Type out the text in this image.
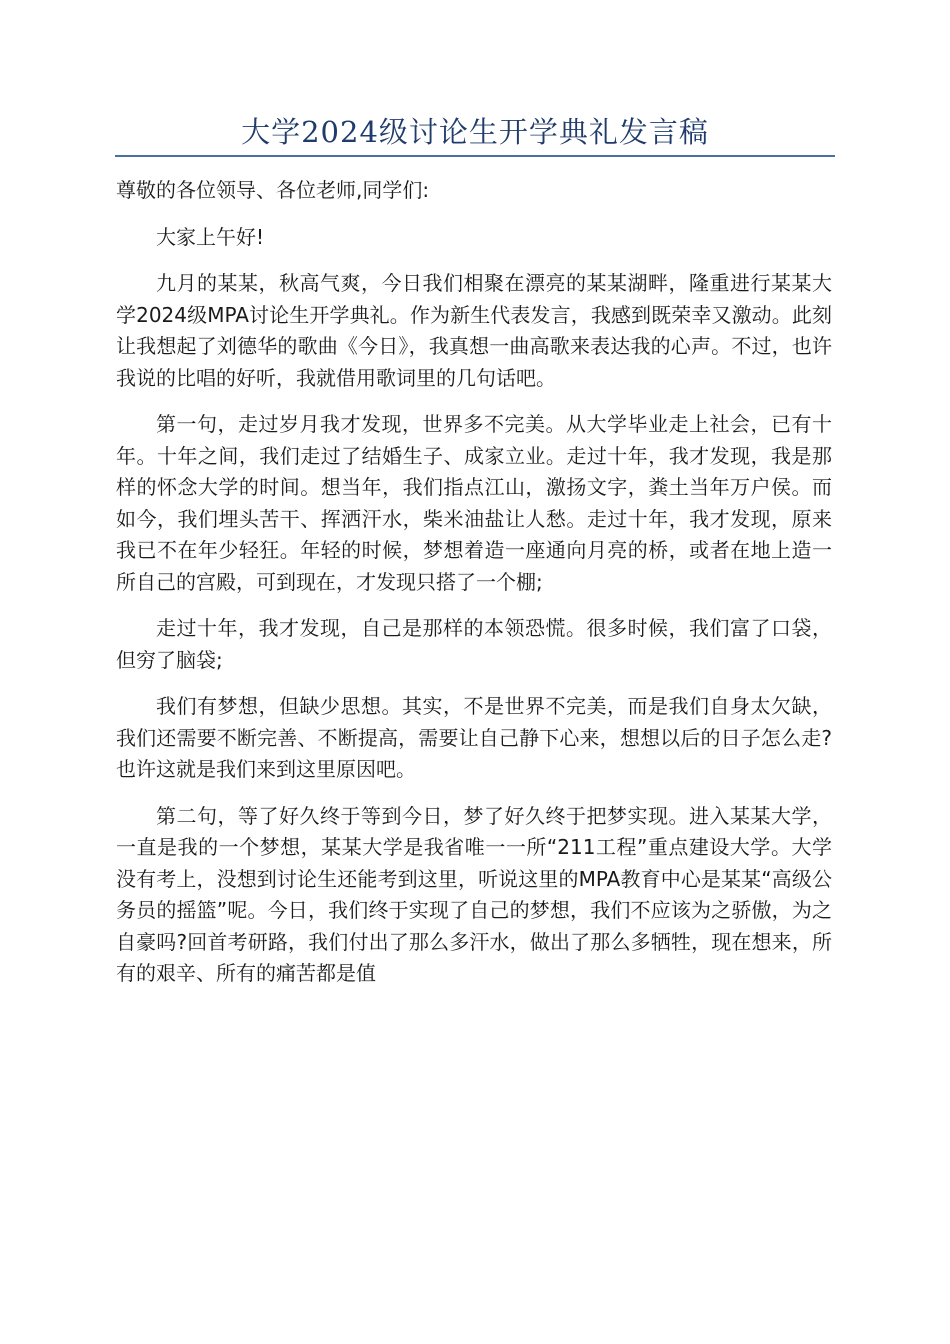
大学2024级讨论生开学典礼发言稿

尊敬的各位领导、各位老师,同学们:

大家上午好!

九月的某某，秋高气爽，今日我们相聚在漂亮的某某湖畔，隆重进行某某大学2024级MPA讨论生开学典礼。作为新生代表发言，我感到既荣幸又激动。此刻让我想起了刘德华的歌曲《今日》，我真想一曲高歌来表达我的心声。不过，也许我说的比唱的好听，我就借用歌词里的几句话吧。

第一句，走过岁月我才发现，世界多不完美。从大学毕业走上社会，已有十年。十年之间，我们走过了结婚生子、成家立业。走过十年，我才发现，我是那样的怀念大学的时间。想当年，我们指点江山，激扬文字，粪土当年万户侯。而如今，我们埋头苦干、挥洒汗水，柴米油盐让人愁。走过十年，我才发现，原来我已不在年少轻狂。年轻的时候，梦想着造一座通向月亮的桥，或者在地上造一所自己的宫殿，可到现在，才发现只搭了一个棚;

走过十年，我才发现，自己是那样的本领恐慌。很多时候，我们富了口袋，但穷了脑袋;

我们有梦想，但缺少思想。其实，不是世界不完美，而是我们自身太欠缺，我们还需要不断完善、不断提高，需要让自己静下心来，想想以后的日子怎么走?也许这就是我们来到这里原因吧。

第二句，等了好久终于等到今日，梦了好久终于把梦实现。进入某某大学，一直是我的一个梦想，某某大学是我省唯一一所“211工程”重点建设大学。大学没有考上，没想到讨论生还能考到这里，听说这里的MPA教育中心是某某“高级公务员的摇篮”呢。今日，我们终于实现了自己的梦想，我们不应该为之骄傲，为之自豪吗?回首考研路，我们付出了那么多汗水，做出了那么多牺牲，现在想来，所有的艰辛、所有的痛苦都是值
